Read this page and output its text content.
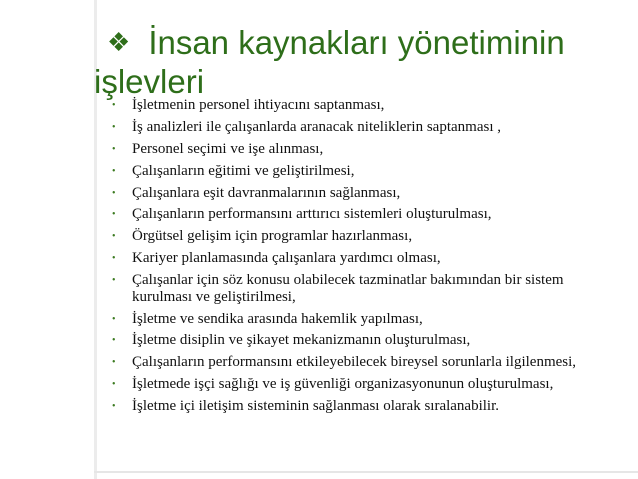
❖ İnsan kaynakları yönetiminin
işlevleri
• İşletmenin personel ihtiyacını saptanması,
• İş analizleri ile çalışanlarda aranacak niteliklerin saptanması ,
• Personel seçimi ve işe alınması,
• Çalışanların eğitimi ve geliştirilmesi,
• Çalışanlara eşit davranmalarının sağlanması,
• Çalışanların performansını arttırıcı sistemleri oluşturulması,
• Örgütsel gelişim için programlar hazırlanması,
• Kariyer planlamasında çalışanlara yardımcı olması,
• Çalışanlar için söz konusu olabilecek tazminatlar bakımından bir sistem kurulması ve geliştirilmesi,
• İşletme ve sendika arasında hakemlik yapılması,
• İşletme disiplin ve şikayet mekanizmanın oluşturulması,
• Çalışanların performansını etkileyebilecek bireysel sorunlarla ilgilenmesi,
• İşletmede işçi sağlığı ve iş güvenliği organizasyonunun oluşturulması,
• İşletme içi iletişim sisteminin sağlanması olarak sıralanabilir.
